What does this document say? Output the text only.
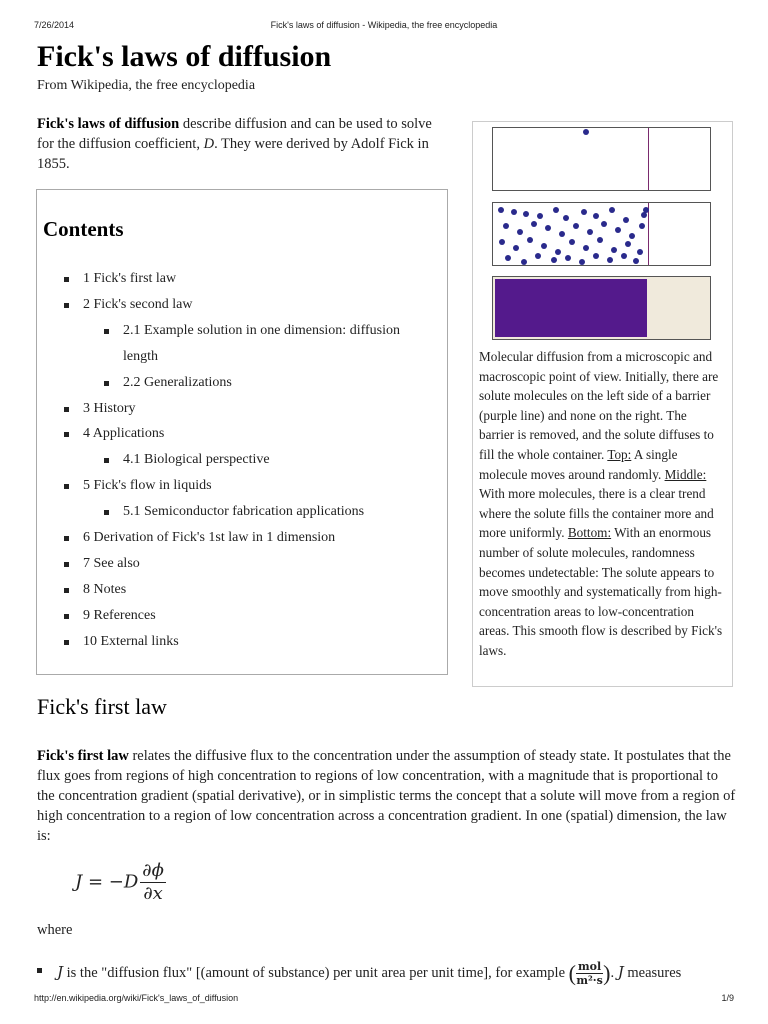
7/26/2014	Fick's laws of diffusion - Wikipedia, the free encyclopedia
Fick's laws of diffusion
From Wikipedia, the free encyclopedia
Fick's laws of diffusion describe diffusion and can be used to solve for the diffusion coefficient, D. They were derived by Adolf Fick in 1855.
Contents
1 Fick's first law
2 Fick's second law
2.1 Example solution in one dimension: diffusion length
2.2 Generalizations
3 History
4 Applications
4.1 Biological perspective
5 Fick's flow in liquids
5.1 Semiconductor fabrication applications
6 Derivation of Fick's 1st law in 1 dimension
7 See also
8 Notes
9 References
10 External links
Molecular diffusion from a microscopic and macroscopic point of view. Initially, there are solute molecules on the left side of a barrier (purple line) and none on the right. The barrier is removed, and the solute diffuses to fill the whole container. Top: A single molecule moves around randomly. Middle: With more molecules, there is a clear trend where the solute fills the container more and more uniformly. Bottom: With an enormous number of solute molecules, randomness becomes undetectable: The solute appears to move smoothly and systematically from high-concentration areas to low-concentration areas. This smooth flow is described by Fick's laws.
Fick's first law
Fick's first law relates the diffusive flux to the concentration under the assumption of steady state. It postulates that the flux goes from regions of high concentration to regions of low concentration, with a magnitude that is proportional to the concentration gradient (spatial derivative), or in simplistic terms the concept that a solute will move from a region of high concentration to a region of low concentration across a concentration gradient. In one (spatial) dimension, the law is:
$J = -D \frac{\partial\phi}{\partial x}$
where
J is the "diffusion flux" [(amount of substance) per unit area per unit time], for example ( mol
m²·s ). J measures
http://en.wikipedia.org/wiki/Fick's_laws_of_diffusion	1/9
